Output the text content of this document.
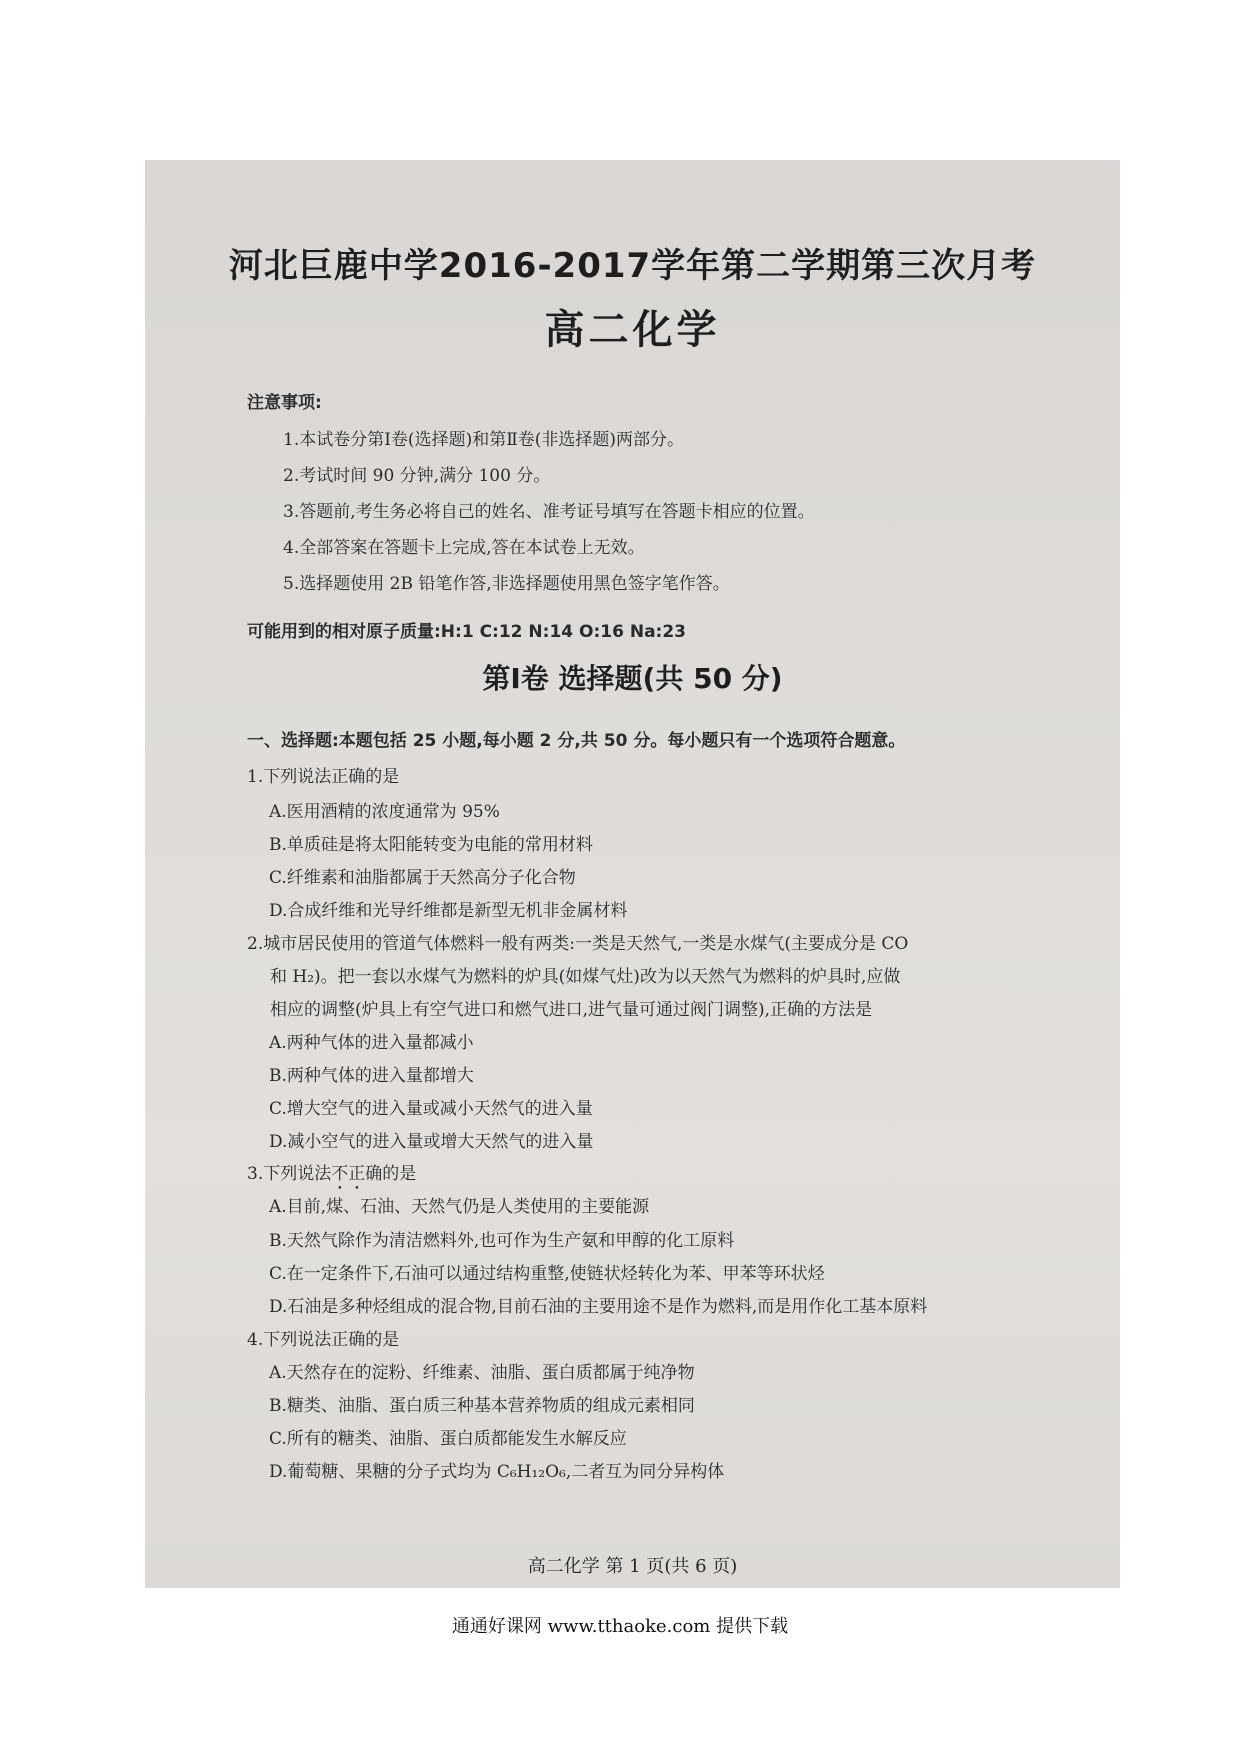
河北巨鹿中学2016-2017学年第二学期第三次月考
高二化学
注意事项:
1.本试卷分第Ⅰ卷(选择题)和第Ⅱ卷(非选择题)两部分。
2.考试时间 90 分钟,满分 100 分。
3.答题前,考生务必将自己的姓名、准考证号填写在答题卡相应的位置。
4.全部答案在答题卡上完成,答在本试卷上无效。
5.选择题使用 2B 铅笔作答,非选择题使用黑色签字笔作答。
可能用到的相对原子质量:H:1 C:12 N:14 O:16 Na:23
第Ⅰ卷 选择题(共 50 分)
一、选择题:本题包括 25 小题,每小题 2 分,共 50 分。每小题只有一个选项符合题意。
1.下列说法正确的是
A.医用酒精的浓度通常为 95%
B.单质硅是将太阳能转变为电能的常用材料
C.纤维素和油脂都属于天然高分子化合物
D.合成纤维和光导纤维都是新型无机非金属材料
2.城市居民使用的管道气体燃料一般有两类:一类是天然气,一类是水煤气(主要成分是 CO
和 H₂)。把一套以水煤气为燃料的炉具(如煤气灶)改为以天然气为燃料的炉具时,应做
相应的调整(炉具上有空气进口和燃气进口,进气量可通过阀门调整),正确的方法是
A.两种气体的进入量都减小
B.两种气体的进入量都增大
C.增大空气的进入量或减小天然气的进入量
D.减小空气的进入量或增大天然气的进入量
3.下列说法不正确的是
A.目前,煤、石油、天然气仍是人类使用的主要能源
B.天然气除作为清洁燃料外,也可作为生产氨和甲醇的化工原料
C.在一定条件下,石油可以通过结构重整,使链状烃转化为苯、甲苯等环状烃
D.石油是多种烃组成的混合物,目前石油的主要用途不是作为燃料,而是用作化工基本原料
4.下列说法正确的是
A.天然存在的淀粉、纤维素、油脂、蛋白质都属于纯净物
B.糖类、油脂、蛋白质三种基本营养物质的组成元素相同
C.所有的糖类、油脂、蛋白质都能发生水解反应
D.葡萄糖、果糖的分子式均为 C₆H₁₂O₆,二者互为同分异构体
高二化学 第 1 页(共 6 页)
通通好课网 www.tthaoke.com 提供下载
